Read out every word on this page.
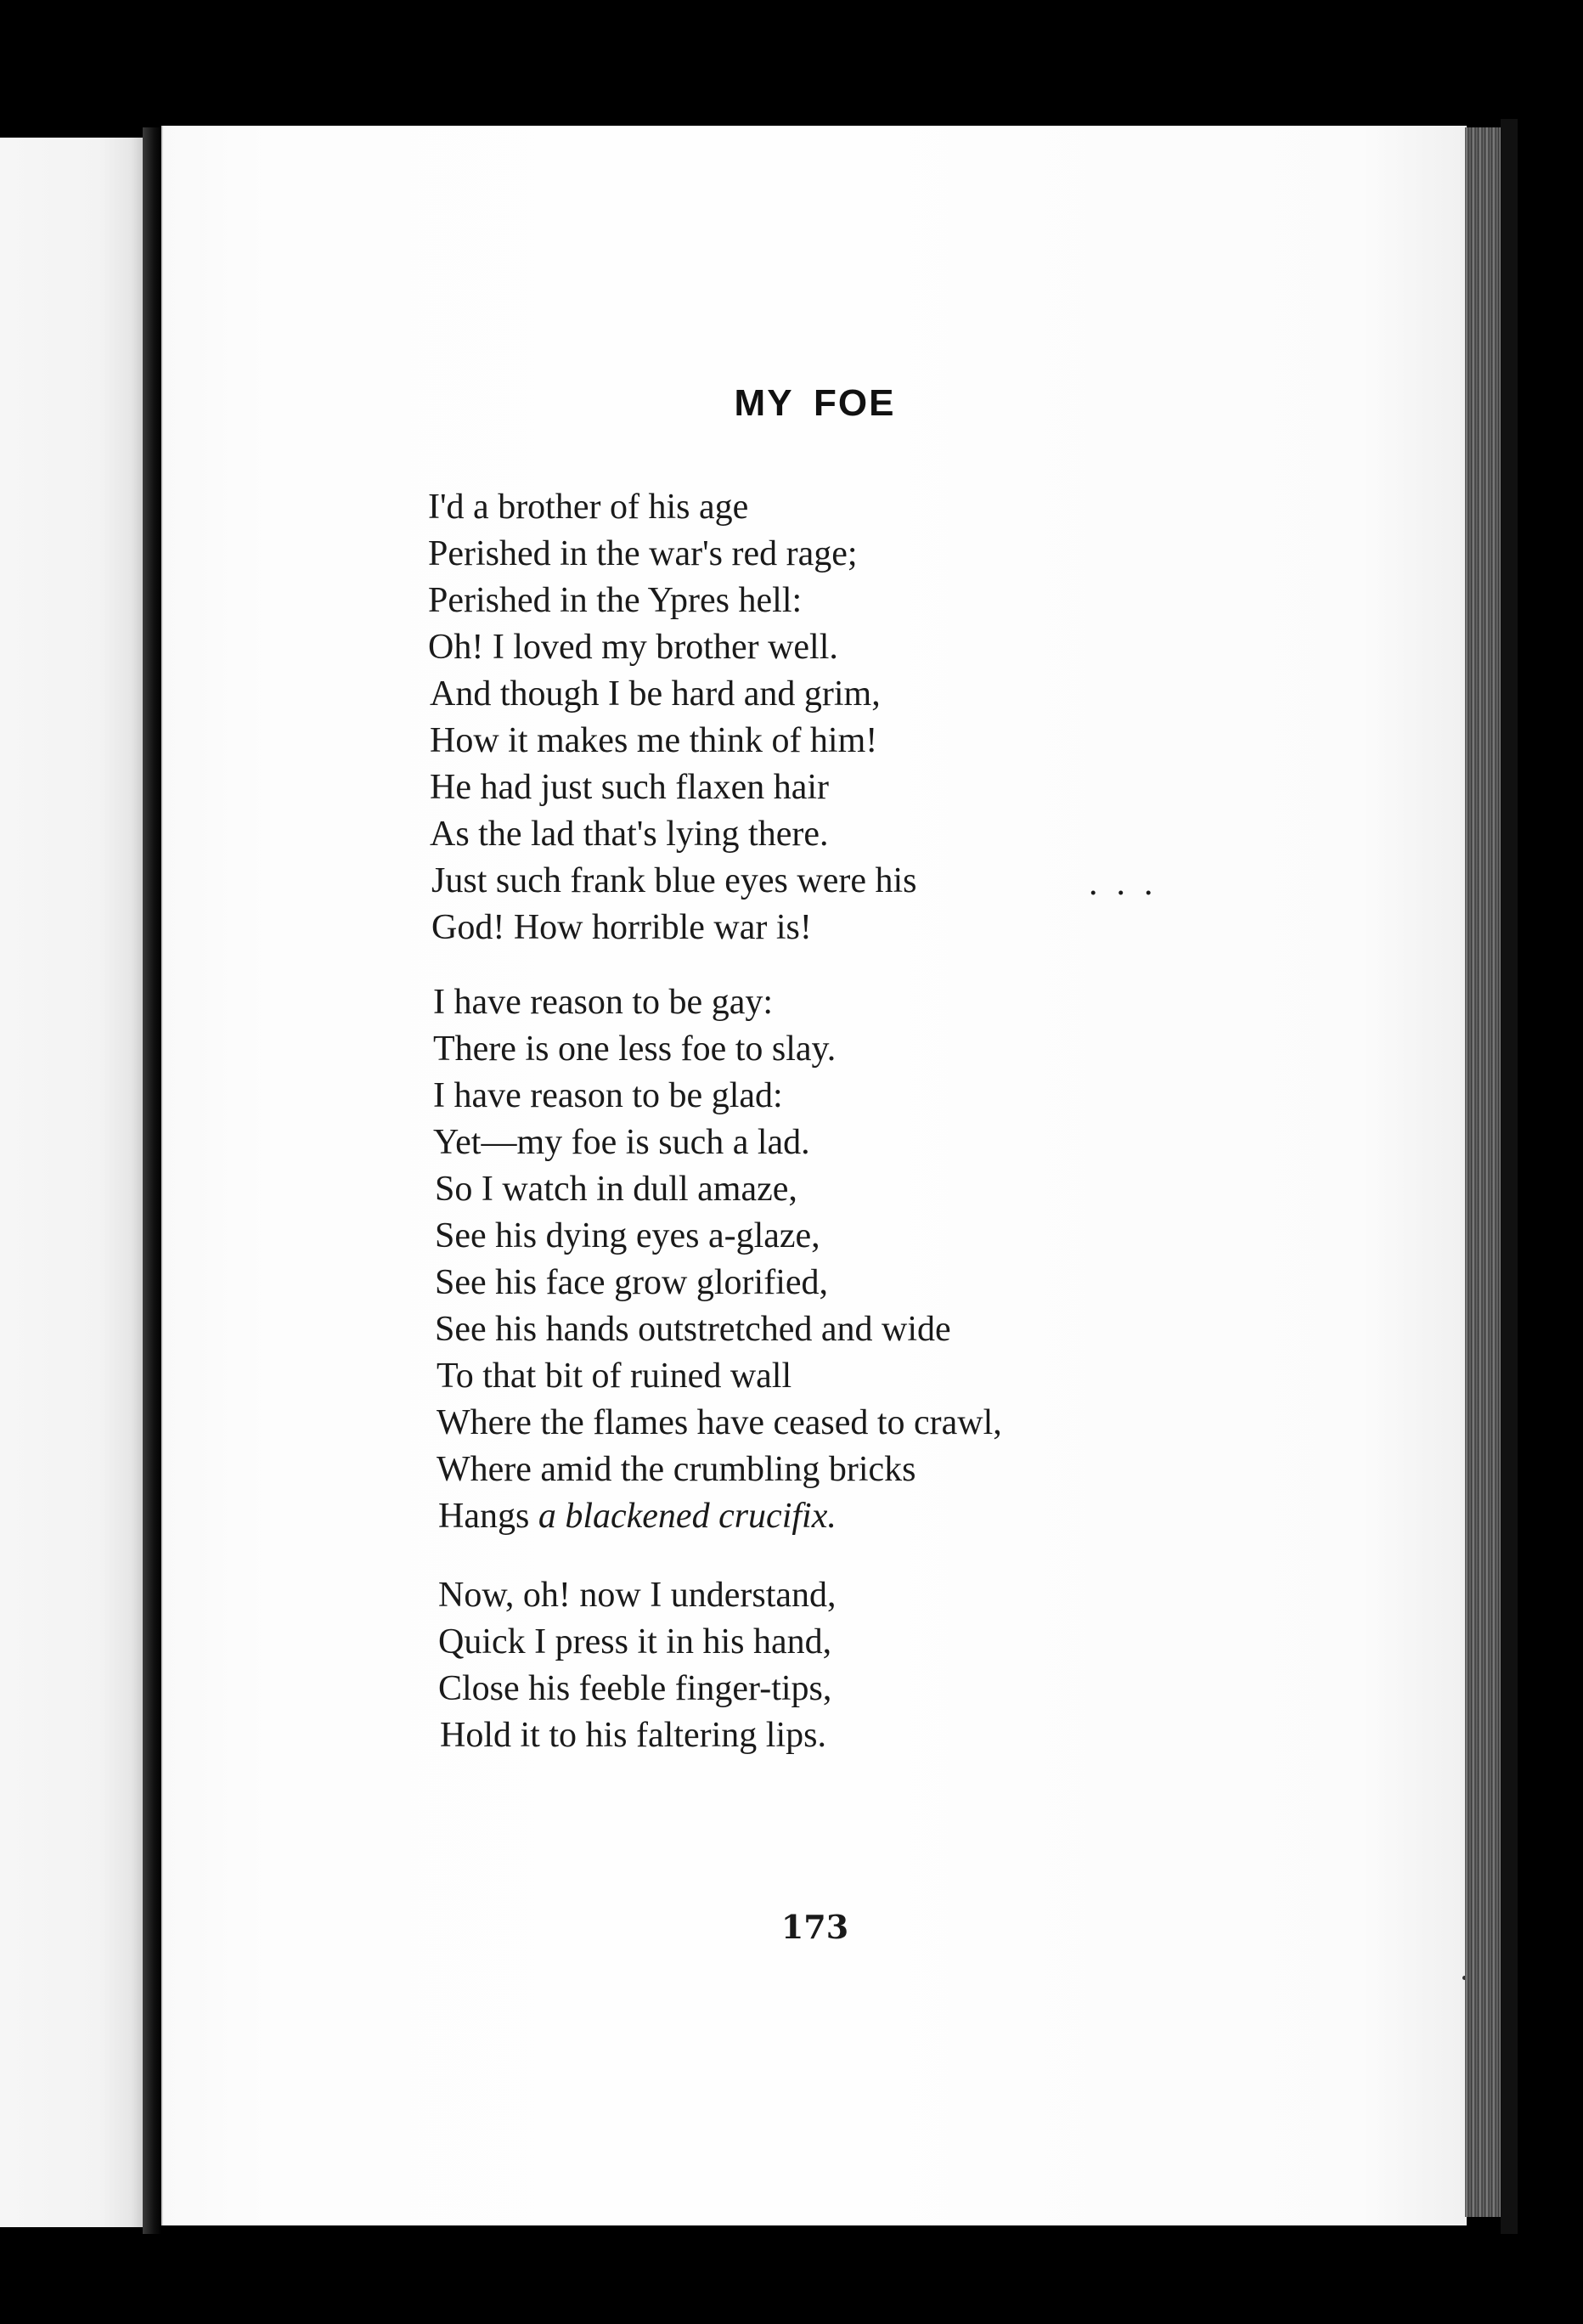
MY FOE
I'd a brother of his age
Perished in the war's red rage;
Perished in the Ypres hell:
Oh! I loved my brother well.
And though I be hard and grim,
How it makes me think of him!
He had just such flaxen hair
As the lad that's lying there.
Just such frank blue eyes were his	...
God! How horrible war is!
I have reason to be gay:
There is one less foe to slay.
I have reason to be glad:
Yet—my foe is such a lad.
So I watch in dull amaze,
See his dying eyes a-glaze,
See his face grow glorified,
See his hands outstretched and wide
To that bit of ruined wall
Where the flames have ceased to crawl,
Where amid the crumbling bricks
Hangs a blackened crucifix.
Now, oh! now I understand,
Quick I press it in his hand,
Close his feeble finger-tips,
Hold it to his faltering lips.
173
